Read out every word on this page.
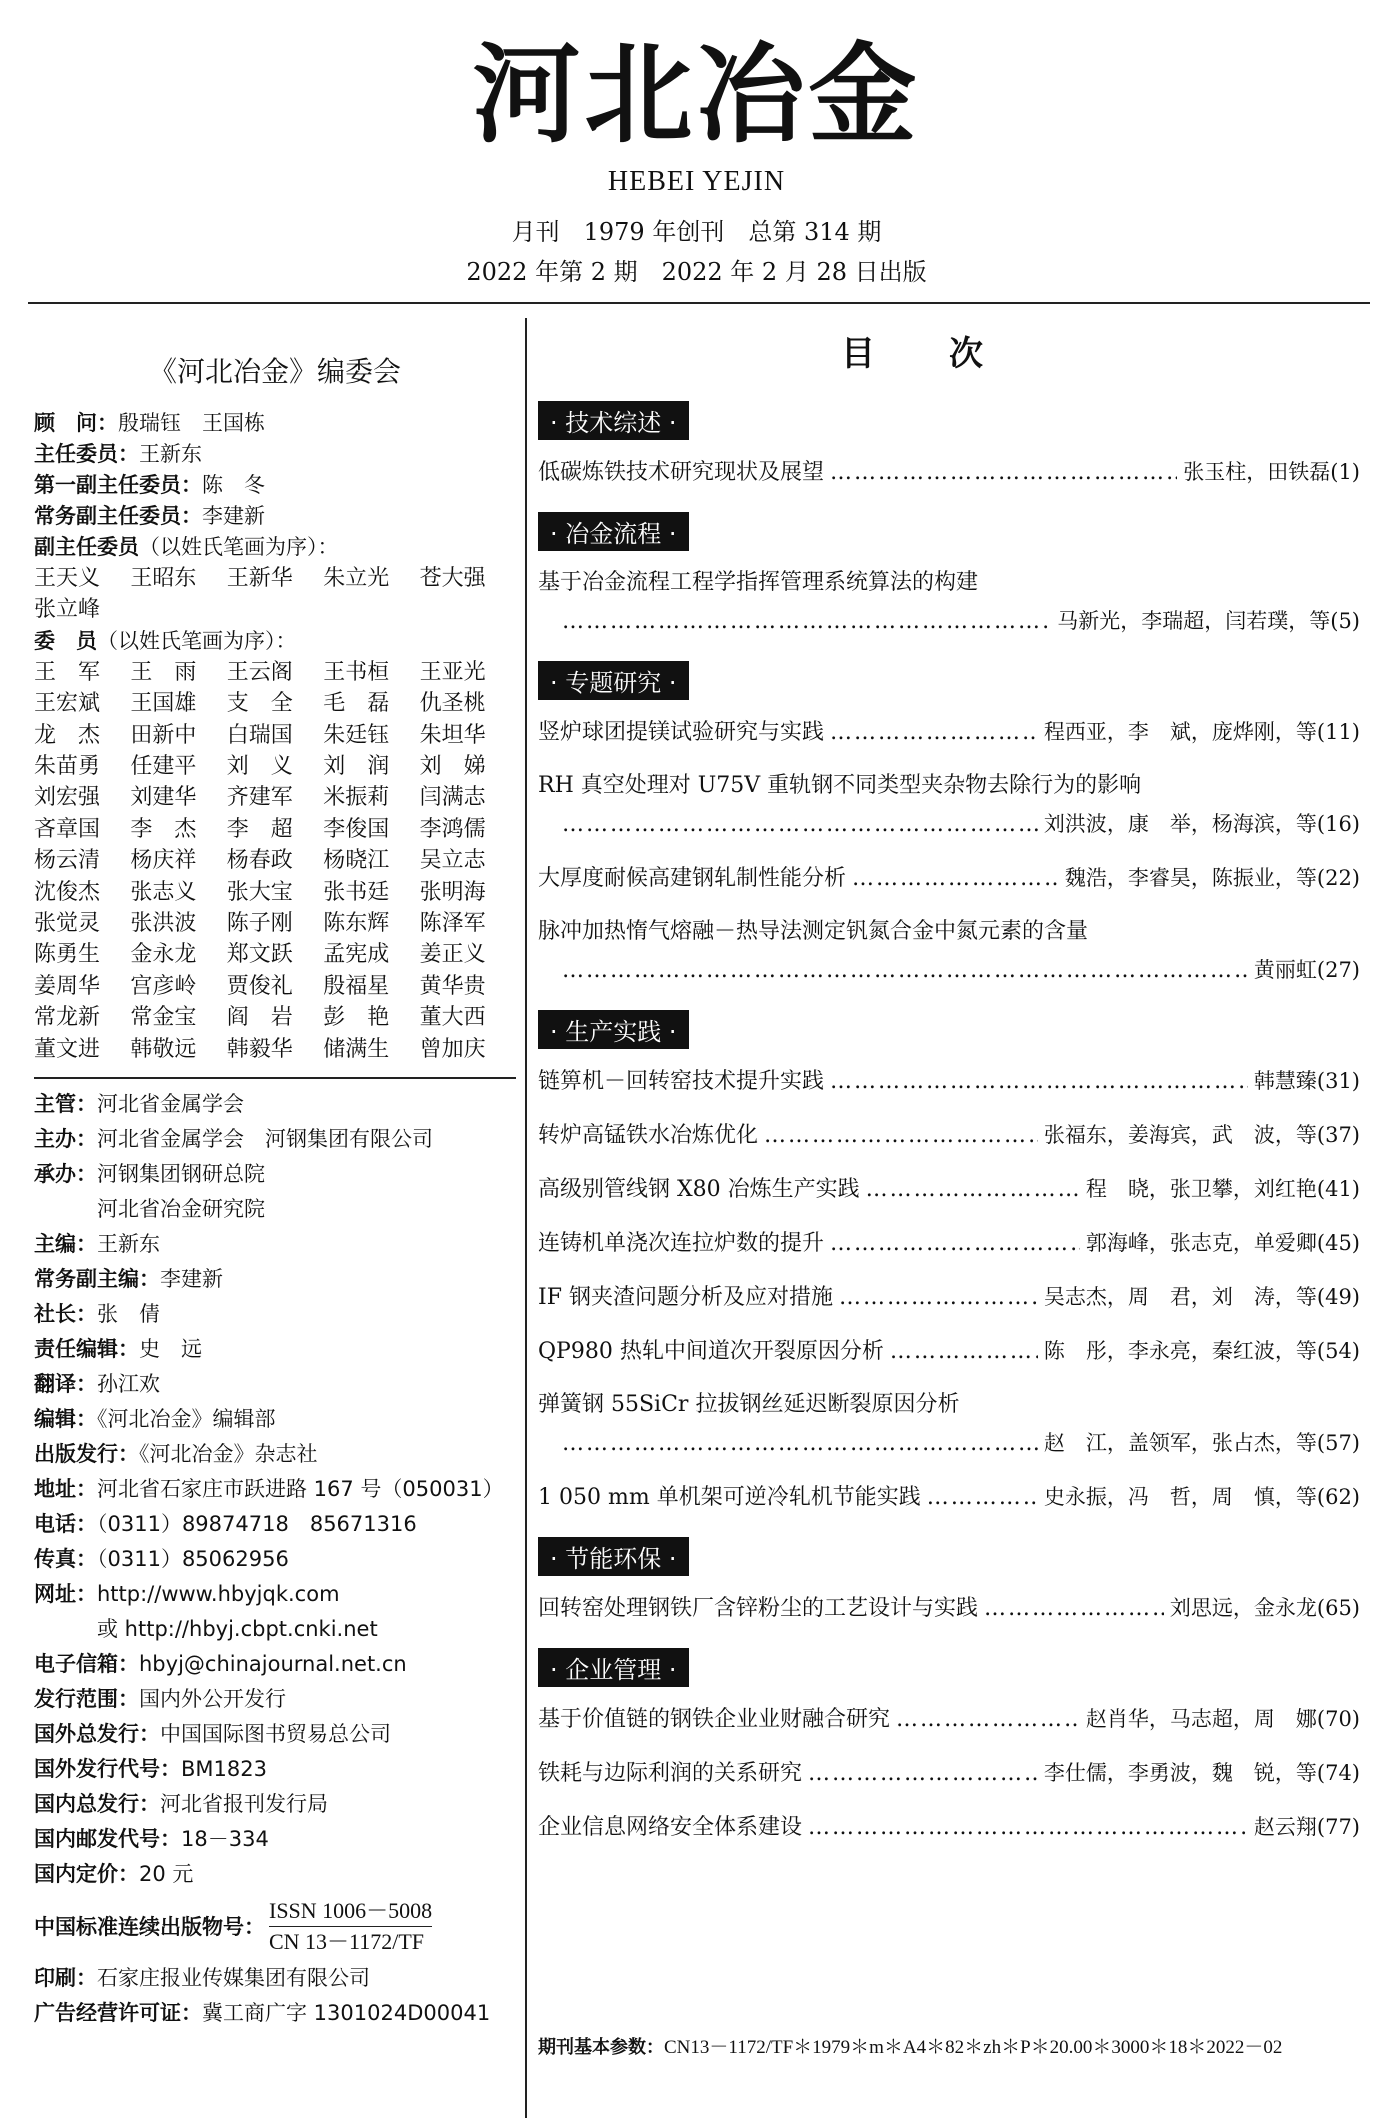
河北冶金
HEBEI YEJIN
月刊　1979 年创刊　总第 314 期
2022 年第 2 期　2022 年 2 月 28 日出版
《河北冶金》编委会
顾　问：殷瑞钰　王国栋
主任委员：王新东
第一副主任委员：陈　冬
常务副主任委员：李建新
副主任委员（以姓氏笔画为序）：
王天义	王昭东	王新华	朱立光	苍大强
张立峰
委　员（以姓氏笔画为序）：
王　军	王　雨	王云阁	王书桓	王亚光
王宏斌	王国雄	支　全	毛　磊	仇圣桃
龙　杰	田新中	白瑞国	朱廷钰	朱坦华
朱苗勇	任建平	刘　义	刘　润	刘　娣
刘宏强	刘建华	齐建军	米振莉	闫满志
吝章国	李　杰	李　超	李俊国	李鸿儒
杨云清	杨庆祥	杨春政	杨晓江	吴立志
沈俊杰	张志义	张大宝	张书廷	张明海
张觉灵	张洪波	陈子刚	陈东辉	陈泽军
陈勇生	金永龙	郑文跃	孟宪成	姜正义
姜周华	宫彦岭	贾俊礼	殷福星	黄华贵
常龙新	常金宝	阎　岩	彭　艳	董大西
董文进	韩敬远	韩毅华	储满生	曾加庆
主管：河北省金属学会
主办：河北省金属学会　河钢集团有限公司
承办：河钢集团钢研总院
　　　河北省冶金研究院
主编：王新东
常务副主编：李建新
社长：张　倩
责任编辑：史　远
翻译：孙江欢
编辑：《河北冶金》编辑部
出版发行：《河北冶金》杂志社
地址：河北省石家庄市跃进路 167 号（050031）
电话：（0311）89874718　85671316
传真：（0311）85062956
网址：http://www.hbyjqk.com
　　　或 http://hbyj.cbpt.cnki.net
电子信箱：hbyj@chinajournal.net.cn
发行范围：国内外公开发行
国外总发行：中国国际图书贸易总公司
国外发行代号：BM1823
国内总发行：河北省报刊发行局
国内邮发代号：18－334
国内定价：20 元
中国标准连续出版物号：
ISSN 1006－5008
CN 13－1172/TF
印刷：石家庄报业传媒集团有限公司
广告经营许可证：冀工商广字 1301024D00041
目次
· 技术综述 ·
低碳炼铁技术研究现状及展望 …………………………………………………………………………………………………………………………………………	张玉柱，田铁磊(1)
· 冶金流程 ·
基于冶金流程工程学指挥管理系统算法的构建
…………………………………………………………………………………………………………………………………………
马新光，李瑞超，闫若璞，等(5)
· 专题研究 ·
竖炉球团提镁试验研究与实践 …………………………………………………………………………………………………………………………………………	程西亚，李　斌，庞烨刚，等(11)
RH 真空处理对 U75V 重轨钢不同类型夹杂物去除行为的影响
…………………………………………………………………………………………………………………………………………
刘洪波，康　举，杨海滨，等(16)
大厚度耐候高建钢轧制性能分析 …………………………………………………………………………………………………………………………………………	魏浩，李睿昊，陈振业，等(22)
脉冲加热惰气熔融－热导法测定钒氮合金中氮元素的含量
…………………………………………………………………………………………………………………………………………
黄丽虹(27)
· 生产实践 ·
链箅机－回转窑技术提升实践 …………………………………………………………………………………………………………………………………………	韩慧臻(31)
转炉高锰铁水冶炼优化 …………………………………………………………………………………………………………………………………………	张福东，姜海宾，武　波，等(37)
高级别管线钢 X80 冶炼生产实践 …………………………………………………………………………………………………………………………………………	程　晓，张卫攀，刘红艳(41)
连铸机单浇次连拉炉数的提升 …………………………………………………………………………………………………………………………………………	郭海峰，张志克，单爱卿(45)
IF 钢夹渣问题分析及应对措施 …………………………………………………………………………………………………………………………………………	吴志杰，周　君，刘　涛，等(49)
QP980 热轧中间道次开裂原因分析 …………………………………………………………………………………………………………………………………………	陈　彤，李永亮，秦红波，等(54)
弹簧钢 55SiCr 拉拔钢丝延迟断裂原因分析
…………………………………………………………………………………………………………………………………………
赵　江，盖领军，张占杰，等(57)
1 050 mm 单机架可逆冷轧机节能实践 …………………………………………………………………………………………………………………………………………	史永振，冯　哲，周　慎，等(62)
· 节能环保 ·
回转窑处理钢铁厂含锌粉尘的工艺设计与实践 …………………………………………………………………………………………………………………………………………	刘思远，金永龙(65)
· 企业管理 ·
基于价值链的钢铁企业业财融合研究 …………………………………………………………………………………………………………………………………………	赵肖华，马志超，周　娜(70)
铁耗与边际利润的关系研究 …………………………………………………………………………………………………………………………………………	李仕儒，李勇波，魏　锐，等(74)
企业信息网络安全体系建设 …………………………………………………………………………………………………………………………………………	赵云翔(77)
期刊基本参数：CN13－1172/TF＊1979＊m＊A4＊82＊zh＊P＊20.00＊3000＊18＊2022－02
